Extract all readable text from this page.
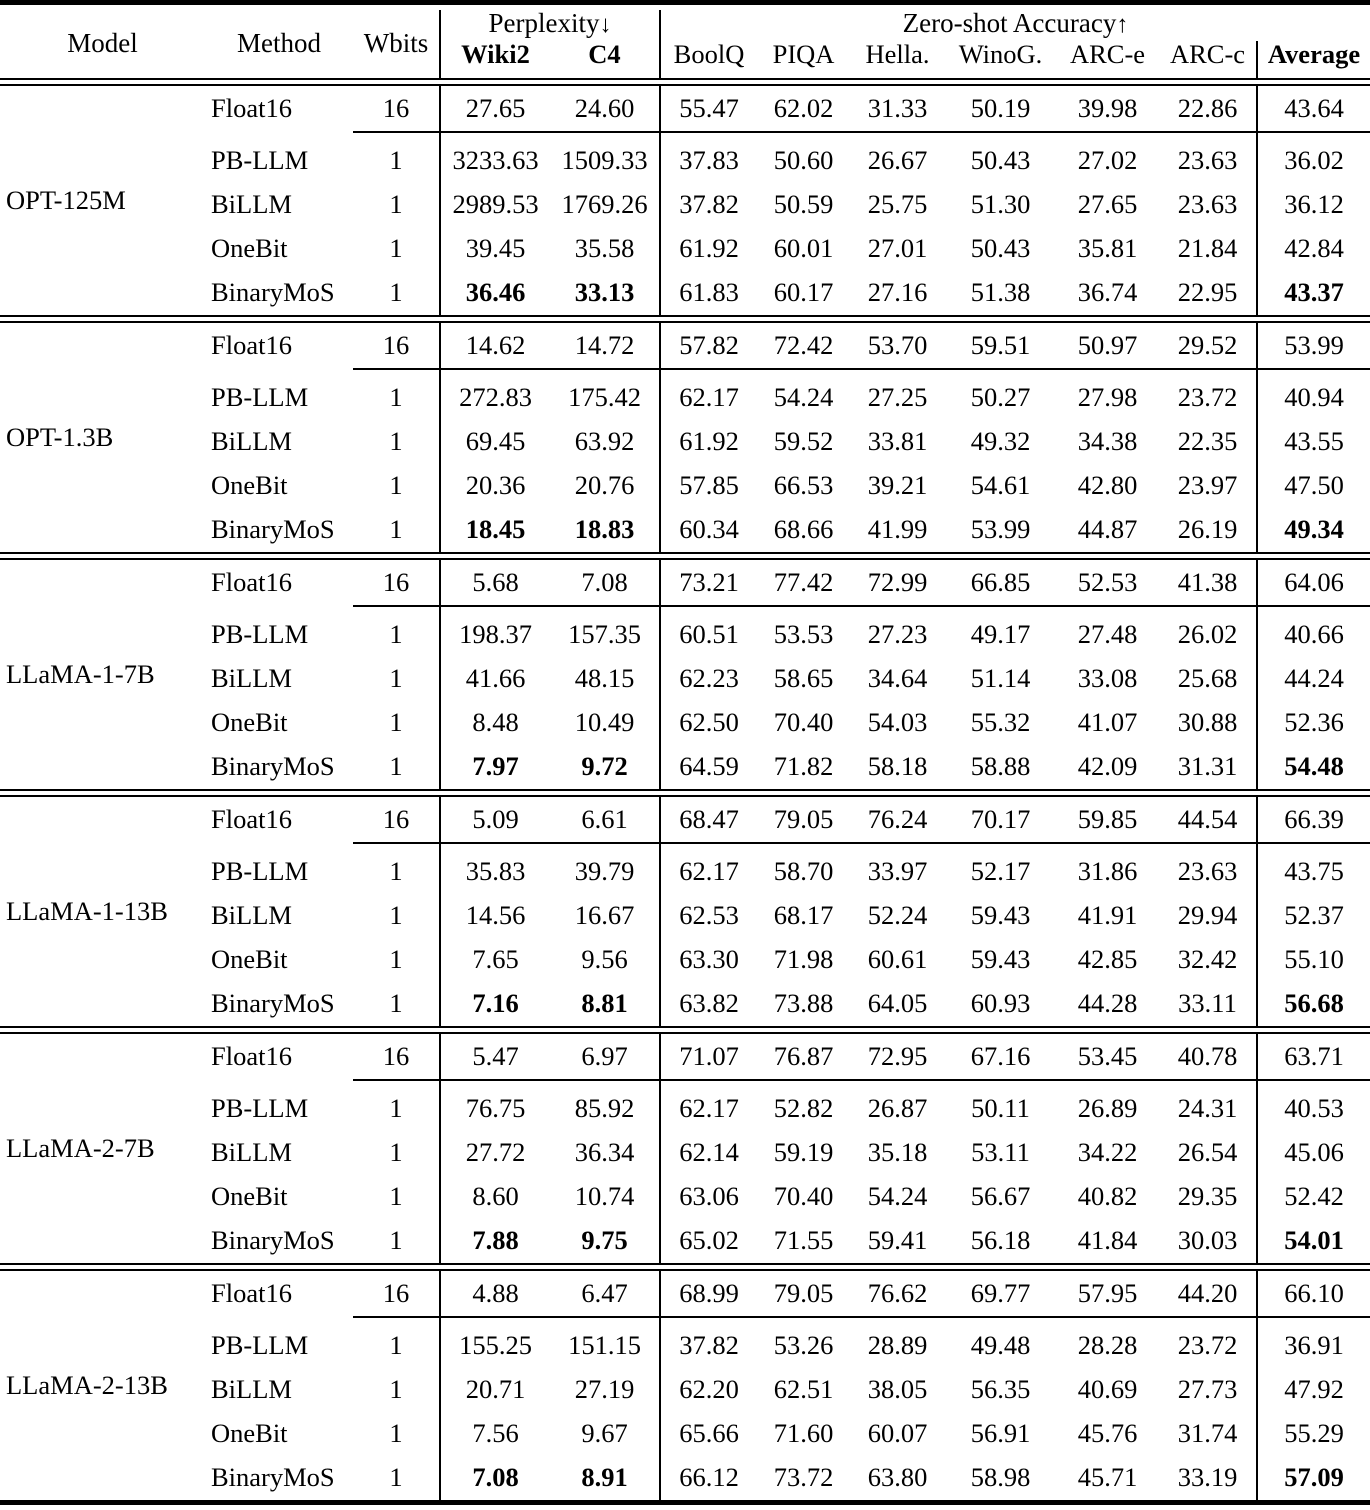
Model	Method	Wbits	Perplexity↓		Zero-shot Accuracy↑						
			Wiki2	C4	BoolQ	PIQA	Hella.	WinoG.	ARC-e	ARC-c	Average

OPT-125M	Float16	16	27.65	24.60	55.47	62.02	31.33	50.19	39.98	22.86	43.64

	PB-LLM	1	3233.63	1509.33	37.83	50.60	26.67	50.43	27.02	23.63	36.02
	BiLLM	1	2989.53	1769.26	37.82	50.59	25.75	51.30	27.65	23.63	36.12
	OneBit	1	39.45	35.58	61.92	60.01	27.01	50.43	35.81	21.84	42.84
	BinaryMoS	1	36.46	33.13	61.83	60.17	27.16	51.38	36.74	22.95	43.37

OPT-1.3B	Float16	16	14.62	14.72	57.82	72.42	53.70	59.51	50.97	29.52	53.99

	PB-LLM	1	272.83	175.42	62.17	54.24	27.25	50.27	27.98	23.72	40.94
	BiLLM	1	69.45	63.92	61.92	59.52	33.81	49.32	34.38	22.35	43.55
	OneBit	1	20.36	20.76	57.85	66.53	39.21	54.61	42.80	23.97	47.50
	BinaryMoS	1	18.45	18.83	60.34	68.66	41.99	53.99	44.87	26.19	49.34

LLaMA-1-7B	Float16	16	5.68	7.08	73.21	77.42	72.99	66.85	52.53	41.38	64.06

	PB-LLM	1	198.37	157.35	60.51	53.53	27.23	49.17	27.48	26.02	40.66
	BiLLM	1	41.66	48.15	62.23	58.65	34.64	51.14	33.08	25.68	44.24
	OneBit	1	8.48	10.49	62.50	70.40	54.03	55.32	41.07	30.88	52.36
	BinaryMoS	1	7.97	9.72	64.59	71.82	58.18	58.88	42.09	31.31	54.48

LLaMA-1-13B	Float16	16	5.09	6.61	68.47	79.05	76.24	70.17	59.85	44.54	66.39

	PB-LLM	1	35.83	39.79	62.17	58.70	33.97	52.17	31.86	23.63	43.75
	BiLLM	1	14.56	16.67	62.53	68.17	52.24	59.43	41.91	29.94	52.37
	OneBit	1	7.65	9.56	63.30	71.98	60.61	59.43	42.85	32.42	55.10
	BinaryMoS	1	7.16	8.81	63.82	73.88	64.05	60.93	44.28	33.11	56.68

LLaMA-2-7B	Float16	16	5.47	6.97	71.07	76.87	72.95	67.16	53.45	40.78	63.71

	PB-LLM	1	76.75	85.92	62.17	52.82	26.87	50.11	26.89	24.31	40.53
	BiLLM	1	27.72	36.34	62.14	59.19	35.18	53.11	34.22	26.54	45.06
	OneBit	1	8.60	10.74	63.06	70.40	54.24	56.67	40.82	29.35	52.42
	BinaryMoS	1	7.88	9.75	65.02	71.55	59.41	56.18	41.84	30.03	54.01

LLaMA-2-13B	Float16	16	4.88	6.47	68.99	79.05	76.62	69.77	57.95	44.20	66.10

	PB-LLM	1	155.25	151.15	37.82	53.26	28.89	49.48	28.28	23.72	36.91
	BiLLM	1	20.71	27.19	62.20	62.51	38.05	56.35	40.69	27.73	47.92
	OneBit	1	7.56	9.67	65.66	71.60	60.07	56.91	45.76	31.74	55.29
	BinaryMoS	1	7.08	8.91	66.12	73.72	63.80	58.98	45.71	33.19	57.09
